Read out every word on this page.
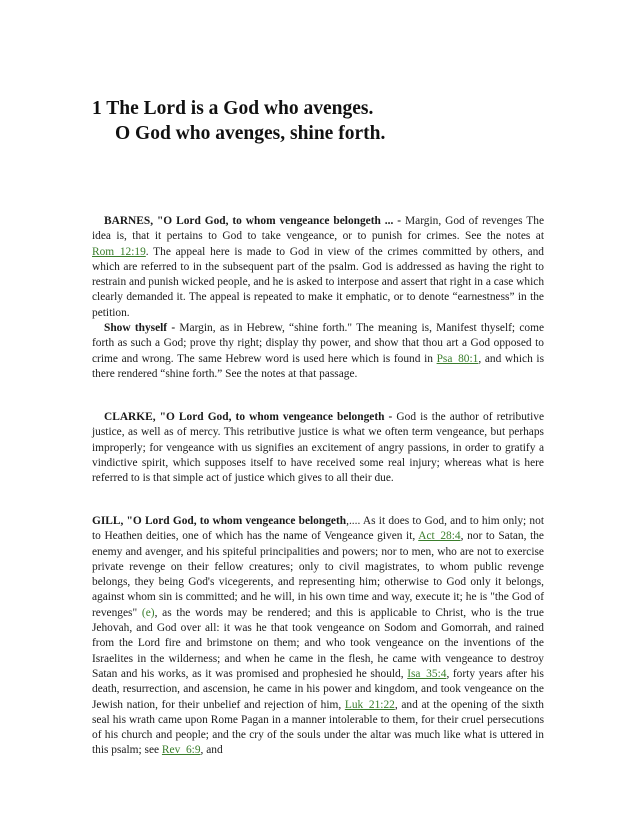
1 The Lord is a God who avenges.
O God who avenges, shine forth.
BARNES, "O Lord God, to whom vengeance belongeth ... - Margin, God of revenges The idea is, that it pertains to God to take vengeance, or to punish for crimes. See the notes at Rom_12:19. The appeal here is made to God in view of the crimes committed by others, and which are referred to in the subsequent part of the psalm. God is addressed as having the right to restrain and punish wicked people, and he is asked to interpose and assert that right in a case which clearly demanded it. The appeal is repeated to make it emphatic, or to denote “earnestness” in the petition.
Show thyself - Margin, as in Hebrew, “shine forth." The meaning is, Manifest thyself; come forth as such a God; prove thy right; display thy power, and show that thou art a God opposed to crime and wrong. The same Hebrew word is used here which is found in Psa_80:1, and which is there rendered “shine forth.” See the notes at that passage.
CLARKE, "O Lord God, to whom vengeance belongeth - God is the author of retributive justice, as well as of mercy. This retributive justice is what we often term vengeance, but perhaps improperly; for vengeance with us signifies an excitement of angry passions, in order to gratify a vindictive spirit, which supposes itself to have received some real injury; whereas what is here referred to is that simple act of justice which gives to all their due.
GILL, "O Lord God, to whom vengeance belongeth,.... As it does to God, and to him only; not to Heathen deities, one of which has the name of Vengeance given it, Act_28:4, nor to Satan, the enemy and avenger, and his spiteful principalities and powers; nor to men, who are not to exercise private revenge on their fellow creatures; only to civil magistrates, to whom public revenge belongs, they being God's vicegerents, and representing him; otherwise to God only it belongs, against whom sin is committed; and he will, in his own time and way, execute it; he is "the God of revenges" (e), as the words may be rendered; and this is applicable to Christ, who is the true Jehovah, and God over all: it was he that took vengeance on Sodom and Gomorrah, and rained from the Lord fire and brimstone on them; and who took vengeance on the inventions of the Israelites in the wilderness; and when he came in the flesh, he came with vengeance to destroy Satan and his works, as it was promised and prophesied he should, Isa_35:4, forty years after his death, resurrection, and ascension, he came in his power and kingdom, and took vengeance on the Jewish nation, for their unbelief and rejection of him, Luk_21:22, and at the opening of the sixth seal his wrath came upon Rome Pagan in a manner intolerable to them, for their cruel persecutions of his church and people; and the cry of the souls under the altar was much like what is uttered in this psalm; see Rev_6:9, and
